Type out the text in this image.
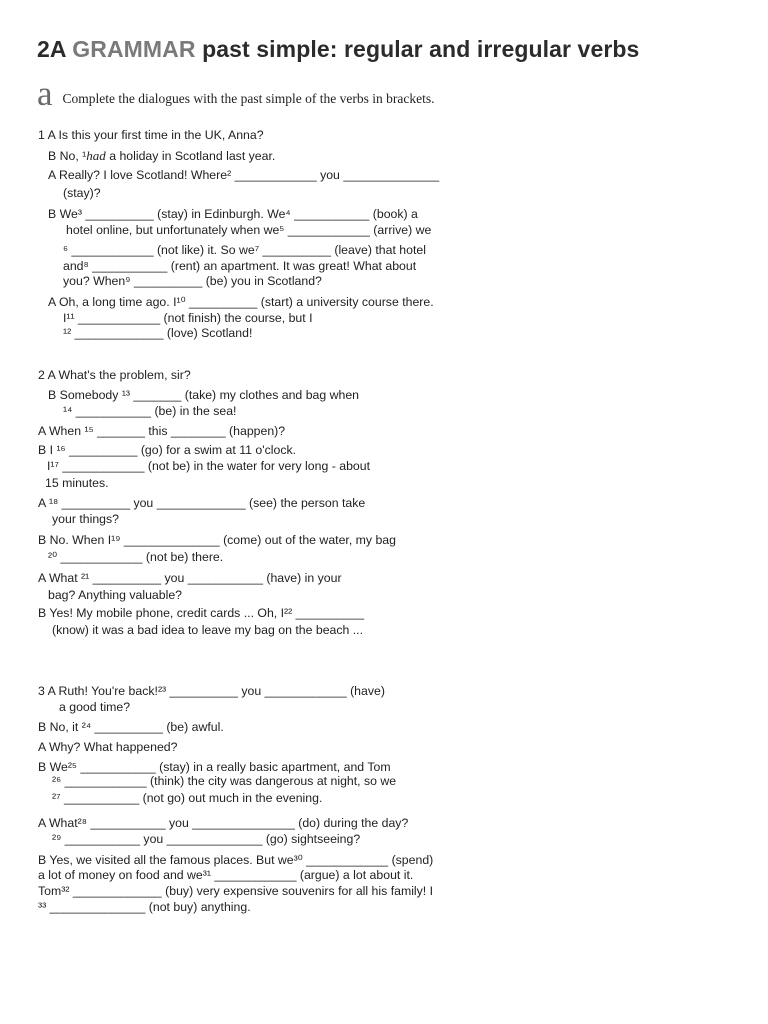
2A GRAMMAR past simple: regular and irregular verbs
a Complete the dialogues with the past simple of the verbs in brackets.
1 A Is this your first time in the UK, Anna?
B No, ¹had a holiday in Scotland last year.
A Really? I love Scotland! Where² ____________ you ______________
(stay)?
B We³ __________ (stay) in Edinburgh. We⁴ ___________ (book) a
hotel online, but unfortunately when we⁵ ____________ (arrive) we
⁶ ____________ (not like) it. So we⁷ __________ (leave) that hotel
and⁸ ___________ (rent) an apartment. It was great! What about
you? When⁹ __________ (be) you in Scotland?
A Oh, a long time ago. I¹⁰ __________ (start) a university course there.
I¹¹ ____________ (not finish) the course, but I
¹² _____________ (love) Scotland!
2 A What's the problem, sir?
B Somebody ¹³ _______ (take) my clothes and bag when
¹⁴ ___________ (be) in the sea!
A When ¹⁵ _______ this ________ (happen)?
B I ¹⁶ __________ (go) for a swim at 11 o'clock.
I¹⁷ ____________ (not be) in the water for very long - about
15 minutes.
A ¹⁸ __________ you _____________ (see) the person take
your things?
B No. When I¹⁹ ______________ (come) out of the water, my bag
²⁰ ____________ (not be) there.
A What ²¹ __________ you ___________ (have) in your
bag? Anything valuable?
B Yes! My mobile phone, credit cards ... Oh, I²² __________
(know) it was a bad idea to leave my bag on the beach ...
3 A Ruth! You're back!²³ __________ you ____________ (have)
a good time?
B No, it ²⁴ __________ (be) awful.
A Why? What happened?
B We²⁵ ___________ (stay) in a really basic apartment, and Tom
²⁶ ____________ (think) the city was dangerous at night, so we
²⁷ ___________ (not go) out much in the evening.
A What²⁸ ___________ you _______________ (do) during the day?
²⁹ ___________ you ______________ (go) sightseeing?
B Yes, we visited all the famous places. But we³⁰ ____________ (spend)
a lot of money on food and we³¹ ____________ (argue) a lot about it.
Tom³² _____________ (buy) very expensive souvenirs for all his family! I
³³ ______________ (not buy) anything.
